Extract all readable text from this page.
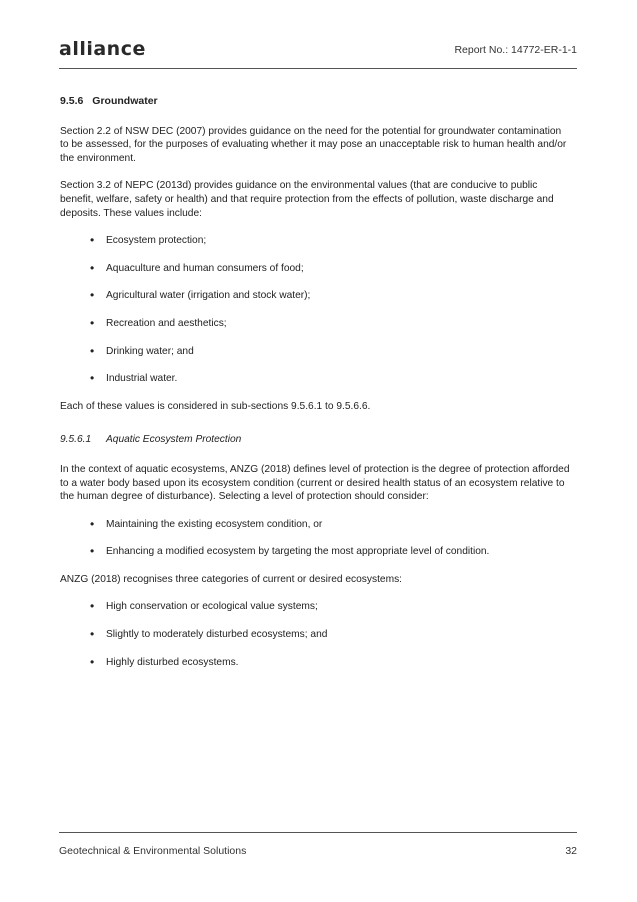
alliance	Report No.: 14772-ER-1-1
9.5.6 Groundwater

Section 2.2 of NSW DEC (2007) provides guidance on the need for the potential for groundwater contamination to be assessed, for the purposes of evaluating whether it may pose an unacceptable risk to human health and/or the environment.

Section 3.2 of NEPC (2013d) provides guidance on the environmental values (that are conducive to public benefit, welfare, safety or health) and that require protection from the effects of pollution, waste discharge and deposits. These values include:

• Ecosystem protection;
• Aquaculture and human consumers of food;
• Agricultural water (irrigation and stock water);
• Recreation and aesthetics;
• Drinking water; and
• Industrial water.

Each of these values is considered in sub-sections 9.5.6.1 to 9.5.6.6.

9.5.6.1 Aquatic Ecosystem Protection

In the context of aquatic ecosystems, ANZG (2018) defines level of protection is the degree of protection afforded to a water body based upon its ecosystem condition (current or desired health status of an ecosystem relative to the human degree of disturbance). Selecting a level of protection should consider:

• Maintaining the existing ecosystem condition, or
• Enhancing a modified ecosystem by targeting the most appropriate level of condition.

ANZG (2018) recognises three categories of current or desired ecosystems:

• High conservation or ecological value systems;
• Slightly to moderately disturbed ecosystems; and
• Highly disturbed ecosystems.
Geotechnical & Environmental Solutions	32
